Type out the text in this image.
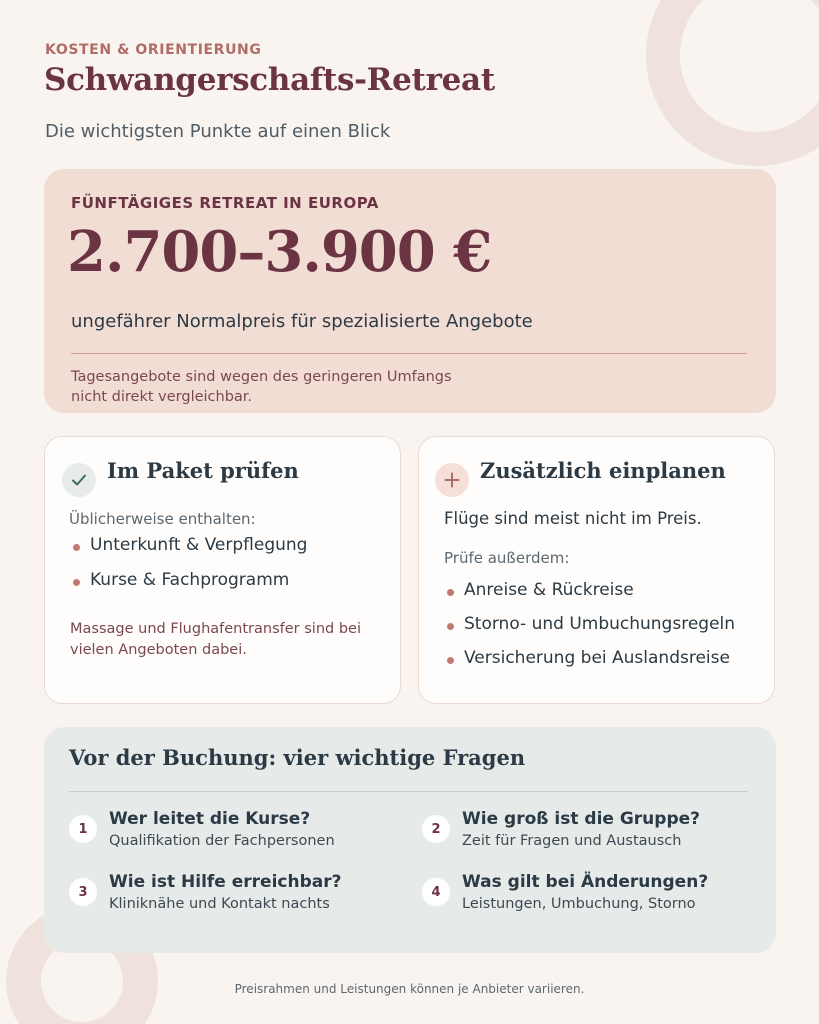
KOSTEN & ORIENTIERUNG
Schwangerschafts-Retreat
Die wichtigsten Punkte auf einen Blick
FÜNFTÄGIGES RETREAT IN EUROPA
2.700–3.900 €
ungefährer Normalpreis für spezialisierte Angebote
Tagesangebote sind wegen des geringeren Umfangs nicht direkt vergleichbar.
Im Paket prüfen
Üblicherweise enthalten:
Unterkunft & Verpflegung
Kurse & Fachprogramm
Massage und Flughafentransfer sind bei vielen Angeboten dabei.
Zusätzlich einplanen
Flüge sind meist nicht im Preis.
Prüfe außerdem:
Anreise & Rückreise
Storno- und Umbuchungsregeln
Versicherung bei Auslandsreise
Vor der Buchung: vier wichtige Fragen
1	Wer leitet die Kurse?
Qualifikation der Fachpersonen
2	Wie groß ist die Gruppe?
Zeit für Fragen und Austausch
3	Wie ist Hilfe erreichbar?
Kliniknähe und Kontakt nachts
4	Was gilt bei Änderungen?
Leistungen, Umbuchung, Storno
Preisrahmen und Leistungen können je Anbieter variieren.
